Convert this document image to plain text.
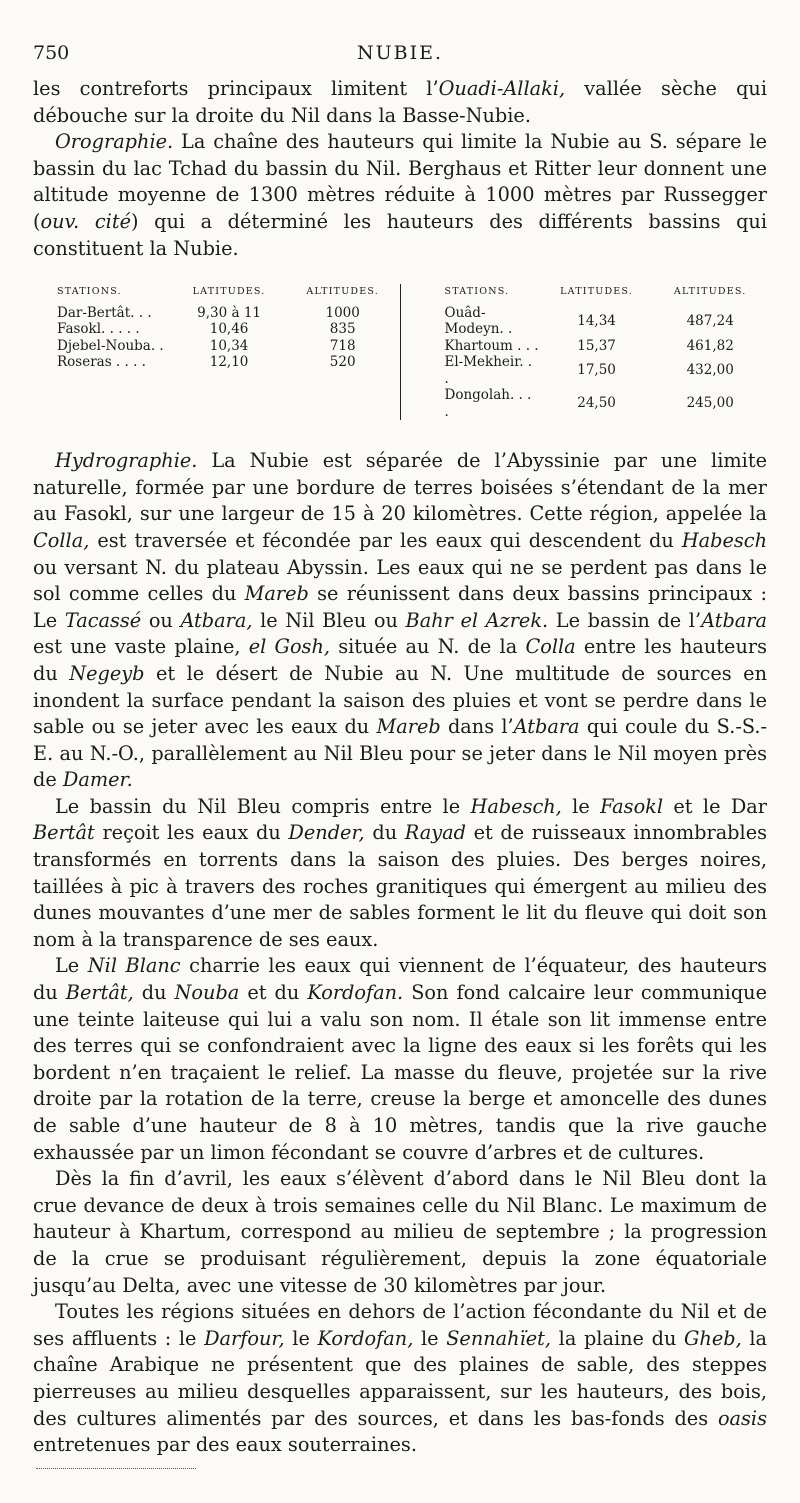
750	NUBIE.

les contreforts principaux limitent l’Ouadi-Allaki, vallée sèche qui débouche sur la droite du Nil dans la Basse-Nubie.

Orographie. La chaîne des hauteurs qui limite la Nubie au S. sépare le bassin du lac Tchad du bassin du Nil. Berghaus et Ritter leur donnent une altitude moyenne de 1300 mètres réduite à 1000 mètres par Russegger (ouv. cité) qui a déterminé les hauteurs des différents bassins qui constituent la Nubie.

STATIONS.	LATITUDES.	ALTITUDES.
Dar-Bertât. . .	9,30 à 11	1000
Fasokl. . . . .	10,46	835
Djebel-Nouba. .	10,34	718
Roseras . . . .	12,10	520
STATIONS.	LATITUDES.	ALTITUDES.
Ouâd-Modeyn. .	14,34	487,24
Khartoum . . .	15,37	461,82
El-Mekheir. . .	17,50	432,00
Dongolah. . . .	24,50	245,00

Hydrographie. La Nubie est séparée de l’Abyssinie par une limite naturelle, formée par une bordure de terres boisées s’étendant de la mer au Fasokl, sur une largeur de 15 à 20 kilomètres. Cette région, appelée la Colla, est traversée et fécondée par les eaux qui descendent du Habesch ou versant N. du plateau Abyssin. Les eaux qui ne se perdent pas dans le sol comme celles du Mareb se réunissent dans deux bassins principaux : Le Tacassé ou Atbara, le Nil Bleu ou Bahr el Azrek. Le bassin de l’Atbara est une vaste plaine, el Gosh, située au N. de la Colla entre les hauteurs du Negeyb et le désert de Nubie au N. Une multitude de sources en inondent la surface pendant la saison des pluies et vont se perdre dans le sable ou se jeter avec les eaux du Mareb dans l’Atbara qui coule du S.-S.-E. au N.-O., parallèlement au Nil Bleu pour se jeter dans le Nil moyen près de Damer.

Le bassin du Nil Bleu compris entre le Habesch, le Fasokl et le Dar Bertât reçoit les eaux du Dender, du Rayad et de ruisseaux innombrables transformés en torrents dans la saison des pluies. Des berges noires, taillées à pic à travers des roches granitiques qui émergent au milieu des dunes mouvantes d’une mer de sables forment le lit du fleuve qui doit son nom à la transparence de ses eaux.

Le Nil Blanc charrie les eaux qui viennent de l’équateur, des hauteurs du Bertât, du Nouba et du Kordofan. Son fond calcaire leur communique une teinte laiteuse qui lui a valu son nom. Il étale son lit immense entre des terres qui se confondraient avec la ligne des eaux si les forêts qui les bordent n’en traçaient le relief. La masse du fleuve, projetée sur la rive droite par la rotation de la terre, creuse la berge et amoncelle des dunes de sable d’une hauteur de 8 à 10 mètres, tandis que la rive gauche exhaussée par un limon fécondant se couvre d’arbres et de cultures.

Dès la fin d’avril, les eaux s’élèvent d’abord dans le Nil Bleu dont la crue devance de deux à trois semaines celle du Nil Blanc. Le maximum de hauteur à Khartum, correspond au milieu de septembre ; la progression de la crue se produisant régulièrement, depuis la zone équatoriale jusqu’au Delta, avec une vitesse de 30 kilomètres par jour.

Toutes les régions situées en dehors de l’action fécondante du Nil et de ses affluents : le Darfour, le Kordofan, le Sennahïet, la plaine du Gheb, la chaîne Arabique ne présentent que des plaines de sable, des steppes pierreuses au milieu desquelles apparaissent, sur les hauteurs, des bois, des cultures alimentés par des sources, et dans les bas-fonds des oasis entretenues par des eaux souterraines.
